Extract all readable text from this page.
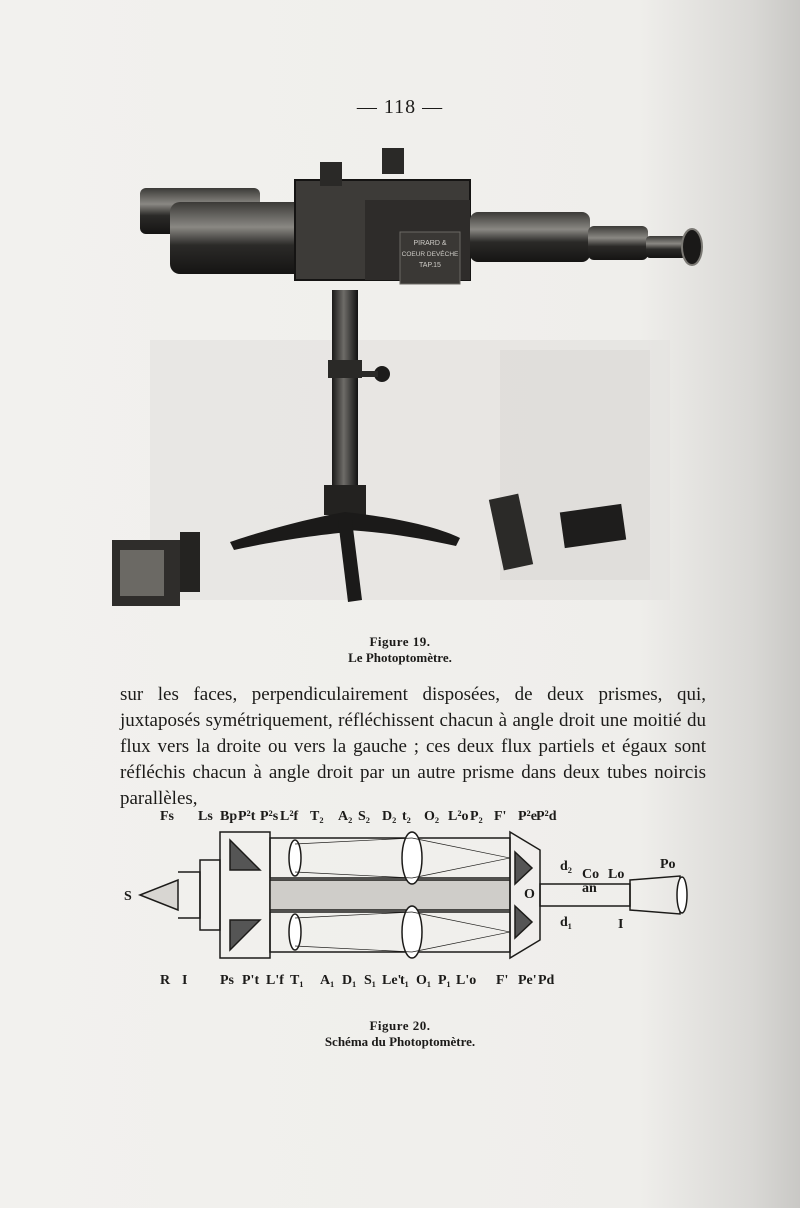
— 118 —
PIRARD &
COEUR DEVÉCHE
TAP.15
Figure 19.
Le Photoptomètre.
sur les faces, perpendiculairement disposées, de deux prismes, qui, juxtaposés symétriquement, réfléchissent chacun à angle droit une moitié du flux vers la droite ou vers la gauche ; ces deux flux partiels et égaux sont réfléchis chacun à angle droit par un autre prisme dans deux tubes noircis parallèles,
Fs Ls Bp P²t P²s L²f T₂ A₂ S₂ D₂ t₂ O₂ L²o P₂ F' P²e P²d
R I Ps P't L'f T₁ A₁ D₁ S₁ Le'
t₁ O₁ P₁ L'o F' Pe' Pd
S
d₂
Co
an
Lo
Po
O
d₁	I
Figure 20.
Schéma du Photoptomètre.
